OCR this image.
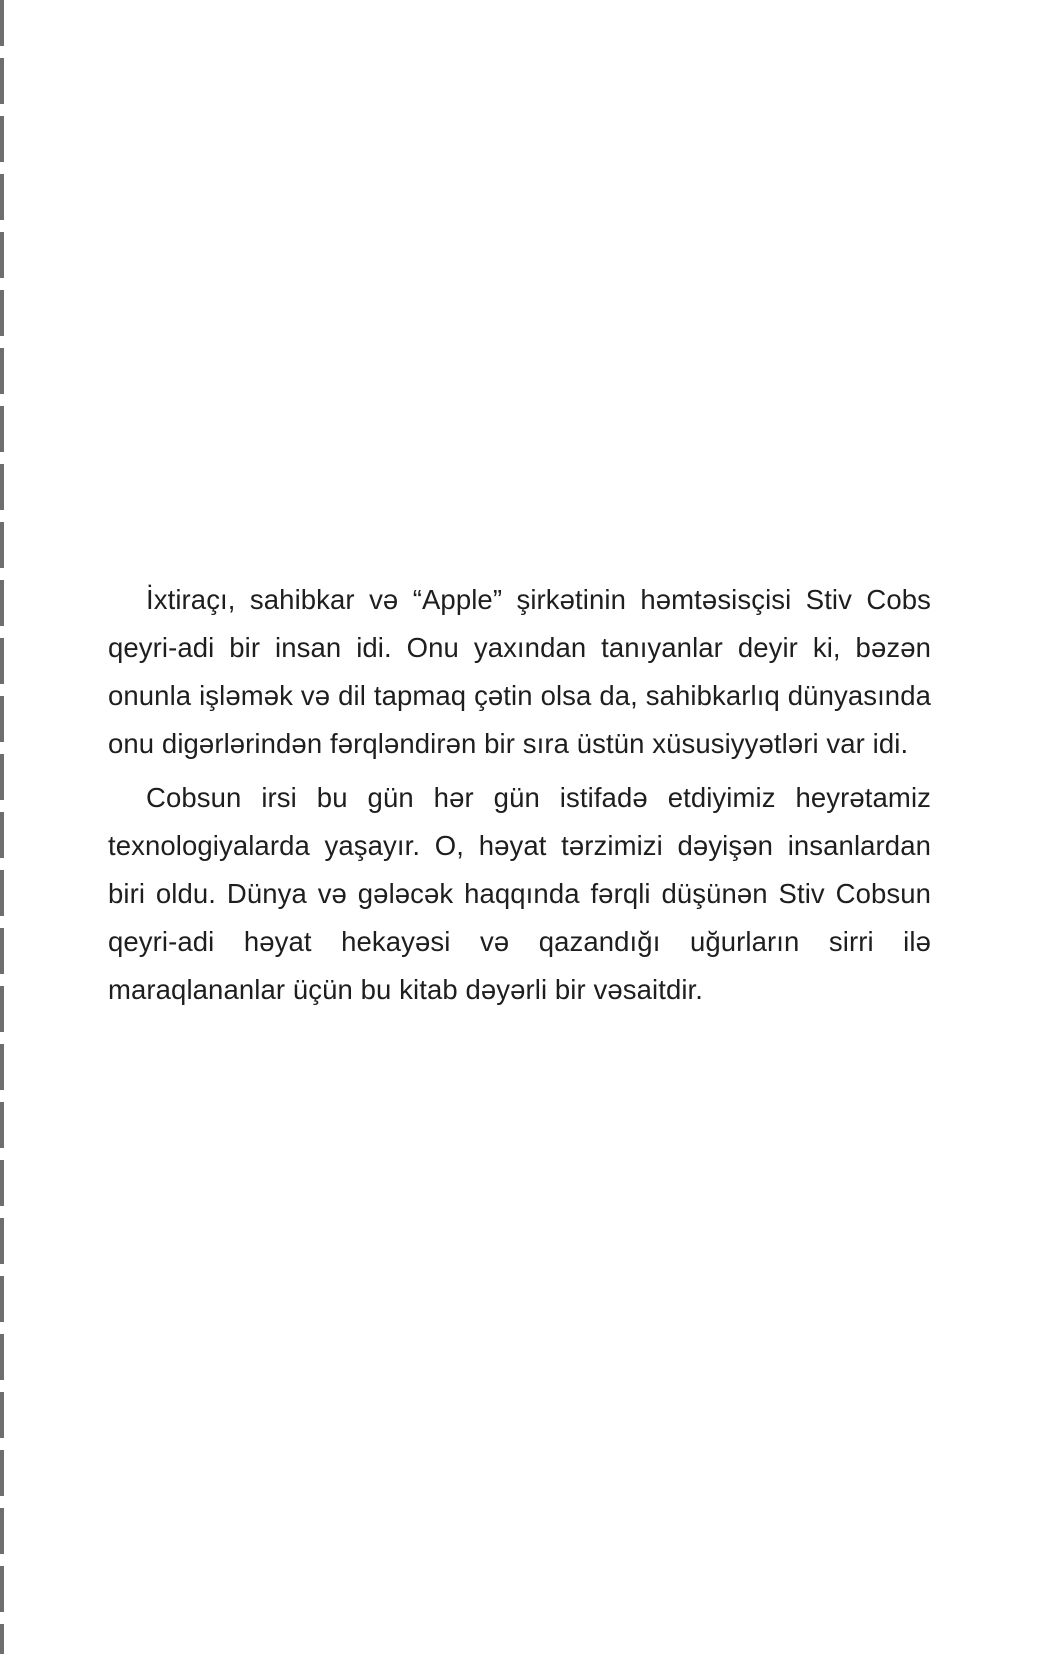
İxtiraçı, sahibkar və “Apple” şirkətinin həmtəsisçisi Stiv Cobs qeyri-adi bir insan idi. Onu yaxından tanıyanlar deyir ki, bəzən onunla işləmək və dil tapmaq çətin olsa da, sahibkarlıq dünyasında onu digərlərindən fərqləndirən bir sıra üstün xüsusiyyətləri var idi.

Cobsun irsi bu gün hər gün istifadə etdiyimiz heyrətamiz texnologiyalarda yaşayır. O, həyat tərzimizi dəyişən insanlardan biri oldu. Dünya və gələcək haqqında fərqli düşünən Stiv Cobsun qeyri-adi həyat hekayəsi və qazandığı uğurların sirri ilə maraqlananlar üçün bu kitab dəyərli bir vəsaitdir.
